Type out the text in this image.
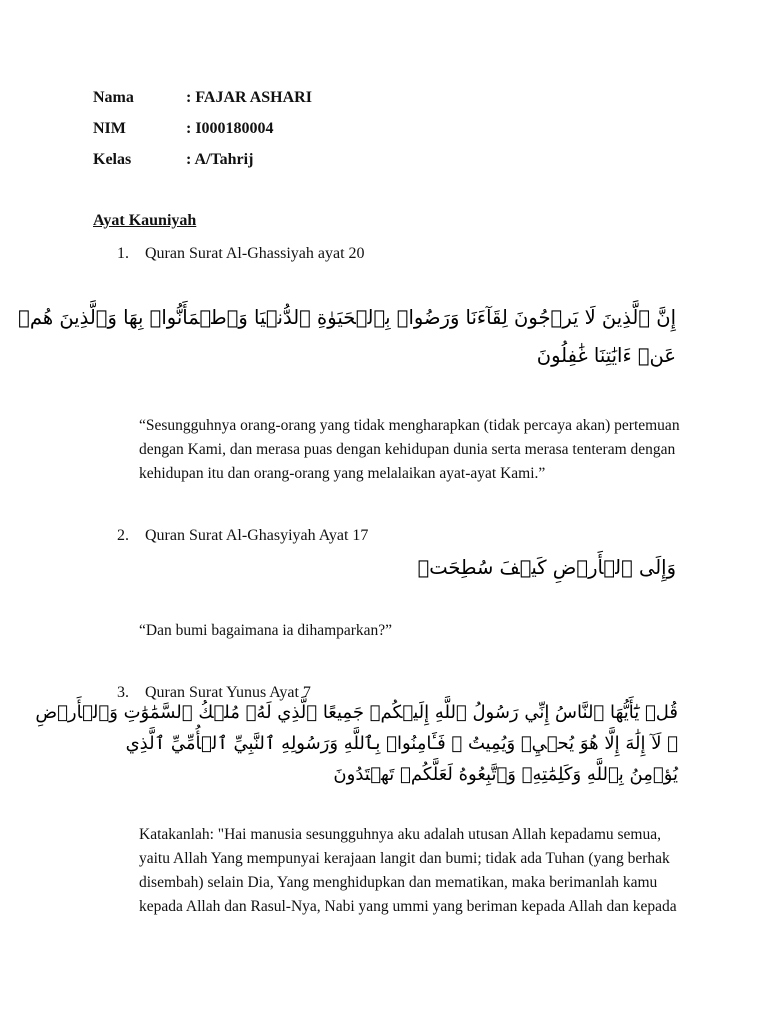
Nama	: FAJAR ASHARI
NIM	: I000180004
Kelas	: A/Tahrij
Ayat Kauniyah
1. Quran Surat Al-Ghassiyah ayat 20
إِنَّ ٱلَّذِينَ لَا يَرۡجُونَ لِقَآءَنَا وَرَضُوا۟ بِٱلۡحَيَوٰةِ ٱلدُّنۡيَا وَٱطۡمَأَنُّوا۟ بِهَا وَٱلَّذِينَ هُمۡ
عَنۡ ءَايَٰتِنَا غَٰفِلُونَ
“Sesungguhnya orang-orang yang tidak mengharapkan (tidak percaya akan) pertemuan dengan Kami, dan merasa puas dengan kehidupan dunia serta merasa tenteram dengan kehidupan itu dan orang-orang yang melalaikan ayat-ayat Kami.”
2. Quran Surat Al-Ghasyiyah Ayat 17
وَإِلَى ٱلۡأَرۡضِ كَيۡفَ سُطِحَتۡ
“Dan bumi bagaimana ia dihamparkan?”
3. Quran Surat Yunus Ayat 7
قُلۡ يَٰٓأَيُّهَا ٱلنَّاسُ إِنِّي رَسُولُ ٱللَّهِ إِلَيۡكُمۡ جَمِيعًا ٱلَّذِي لَهُۥ مُلۡكُ ٱلسَّمَٰوَٰتِ وَٱلۡأَرۡضِ
ۖ لَآ إِلَٰهَ إِلَّا هُوَ يُحۡيِۦ وَيُمِيتُ ۖ فَـَٔامِنُوا۟ بِٱللَّهِ وَرَسُولِهِ ٱلنَّبِيِّ ٱلۡأُمِّيِّ ٱلَّذِي
يُؤۡمِنُ بِٱللَّهِ وَكَلِمَٰتِهِۦ وَٱتَّبِعُوهُ لَعَلَّكُمۡ تَهۡتَدُونَ
Katakanlah: "Hai manusia sesungguhnya aku adalah utusan Allah kepadamu semua, yaitu Allah Yang mempunyai kerajaan langit dan bumi; tidak ada Tuhan (yang berhak disembah) selain Dia, Yang menghidupkan dan mematikan, maka berimanlah kamu kepada Allah dan Rasul-Nya, Nabi yang ummi yang beriman kepada Allah dan kepada
